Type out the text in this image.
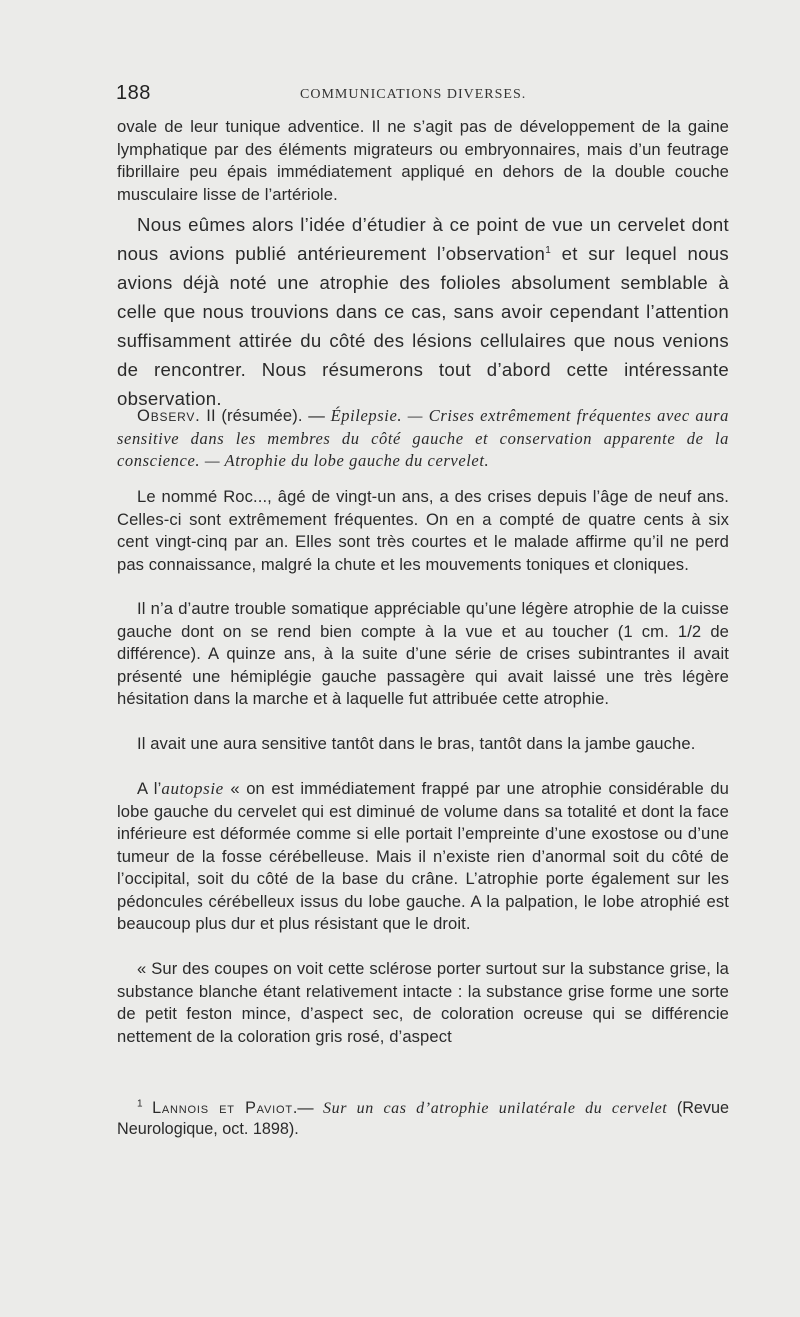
188	COMMUNICATIONS DIVERSES.

ovale de leur tunique adventice. Il ne s’agit pas de développement de la gaine lymphatique par des éléments migrateurs ou embryonnaires, mais d’un feutrage fibrillaire peu épais immédiatement appliqué en dehors de la double couche musculaire lisse de l’artériole.

Nous eûmes alors l’idée d’étudier à ce point de vue un cervelet dont nous avions publié antérieurement l’observation$^1$ et sur lequel nous avions déjà noté une atrophie des folioles absolument semblable à celle que nous trouvions dans ce cas, sans avoir cependant l’attention suffisamment attirée du côté des lésions cellulaires que nous venions de rencontrer. Nous résumerons tout d’abord cette intéressante observation.

Observ. II (résumée). — Épilepsie. — Crises extrêmement fréquentes avec aura sensitive dans les membres du côté gauche et conservation apparente de la conscience. — Atrophie du lobe gauche du cervelet.

Le nommé Roc..., âgé de vingt-un ans, a des crises depuis l’âge de neuf ans. Celles-ci sont extrêmement fréquentes. On en a compté de quatre cents à six cent vingt-cinq par an. Elles sont très courtes et le malade affirme qu’il ne perd pas connaissance, malgré la chute et les mouvements toniques et cloniques.

Il n’a d’autre trouble somatique appréciable qu’une légère atrophie de la cuisse gauche dont on se rend bien compte à la vue et au toucher (1 cm. 1/2 de différence). A quinze ans, à la suite d’une série de crises subintrantes il avait présenté une hémiplégie gauche passagère qui avait laissé une très légère hésitation dans la marche et à laquelle fut attribuée cette atrophie.

Il avait une aura sensitive tantôt dans le bras, tantôt dans la jambe gauche.

A l’autopsie « on est immédiatement frappé par une atrophie considérable du lobe gauche du cervelet qui est diminué de volume dans sa totalité et dont la face inférieure est déformée comme si elle portait l’empreinte d’une exostose ou d’une tumeur de la fosse cérébelleuse. Mais il n’existe rien d’anormal soit du côté de l’occipital, soit du côté de la base du crâne. L’atrophie porte également sur les pédoncules cérébelleux issus du lobe gauche. A la palpation, le lobe atrophié est beaucoup plus dur et plus résistant que le droit.

« Sur des coupes on voit cette sclérose porter surtout sur la substance grise, la substance blanche étant relativement intacte : la substance grise forme une sorte de petit feston mince, d’aspect sec, de coloration ocreuse qui se différencie nettement de la coloration gris rosé, d’aspect

$^1$ Lannois et Paviot.— Sur un cas d’atrophie unilatérale du cervelet (Revue Neurologique, oct. 1898).
